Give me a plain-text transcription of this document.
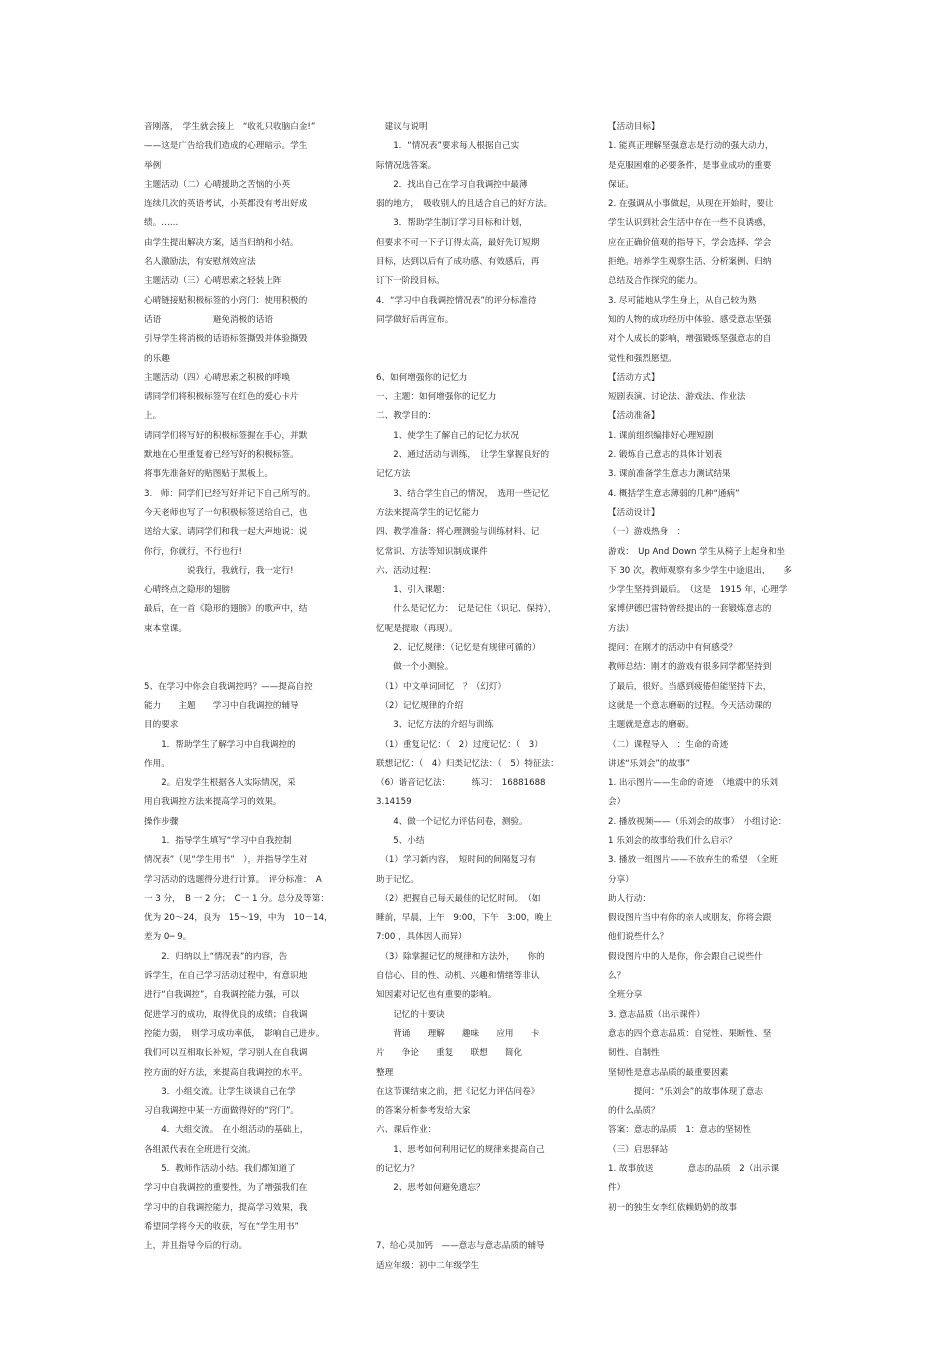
音刚落，　学生就会接上　“收礼只收脑白金!”
——这是广告给我们造成的心理暗示。学生
举例
主题活动（二）心晴援助之苦恼的小英
连续几次的英语考试，小英都没有考出好成
绩。……
由学生提出解决方案，适当归纳和小结。
名人激励法，有安慰剂效应法
主题活动（三）心晴思索之轻装上阵
心晴链接贴积极标签的小窍门：使用积极的
话语　　　　　　避免消极的话语
引导学生将消极的话语标签撕毁并体验撕毁
的乐趣
主题活动（四）心晴思索之积极的呼唤
请同学们将积极标签写在红色的爱心卡片
上。
请同学们将写好的积极标签握在手心，并默
默地在心里重复着已经写好的积极标签。
将事先准备好的贴图贴于黑板上。
3.　师：同学们已经写好并记下自己所写的。
今天老师也写了一句积极标签送给自己，也
送给大家。请同学们和我一起大声地说：说
你行，你就行，不行也行!
　　　　　说我行，我就行，我一定行!
心晴终点之隐形的翅膀
最后，在一首《隐形的翅膀》的歌声中，结
束本堂课。
5、在学习中你会自我调控吗？——提高自控
能力　　主题　　学习中自我调控的辅导
目的要求
　　1．帮助学生了解学习中自我调控的
作用。
　　2。启发学生根据各人实际情况，采
用自我调控方法来提高学习的效果。
操作步骤
　　1．指导学生填写“学习中自我控制
情况表”（见“学生用书”　），并指导学生对
学习活动的选题得分进行计算。　评分标准：　A
一 3 分，　B 一 2 分；　C一 1 分。总分及等第：
优为 20～24，良为　15～19，中为　10－14，
差为 0─ 9。
　　2．归纳以上“情况表”的内容，告
诉学生，在自己学习活动过程中，有意识地
进行“自我调控”，自我调控能力强，可以
促进学习的成功，取得优良的成绩；自我调
控能力弱，　则学习成功率低，　影响自己进步。
我们可以互相取长补短，学习别人在自我调
控方面的好方法，来提高自我调控的水平。
　　3．小组交流。让学生谈谈自己在学
习自我调控中某一方面做得好的“窍门”。
　　4．大组交流。　在小组活动的基础上，
各组派代表在全班进行交流。
　　5．教师作活动小结。我们都知道了
学习中自我调控的重要性，为了增强我们在
学习中的自我调控能力，提高学习效果，我
希望同学将今天的收获，写在“学生用书”
上，并且指导今后的行动。
　建议与说明
　　1．“情况表”要求每人根据自己实
际情况选答案。
　　2．找出自己在学习自我调控中最薄
弱的地方，　吸收别人的且适合自己的好方法。
　　3．帮助学生制订学习目标和计划，
但要求不可一下子订得太高，最好先订短期
目标，达到以后有了成功感、有效感后，再
订下一阶段目标。
4．“学习中自我调控情况表”的评分标准待
同学做好后再宣布。
6、如何增强你的记忆力
一、主题：如何增强你的记忆力
二、教学目的：
　　1、使学生了解自己的记忆力状况
　　2、通过活动与训练，　让学生掌握良好的
记忆方法
　　3、结合学生自己的情况，　选用一些记忆
方法来提高学生的记忆能力
四、教学准备：将心理测验与训练材料、记
忆常识、方法等知识制成课件
六、活动过程：
　　1、引入课题：
　　什么是记忆力：　记是记住（识记、保持），
忆呢是提取（再现）。
　　2、记忆规律：（记忆是有规律可循的）
　　做一个小测验。
　（1）中文单词回忆　？（幻灯）
　（2）记忆规律的介绍
　　3、记忆方法的介绍与训练
　（1）重复记忆：（　2）过度记忆：（　3）
联想记忆：（　4）归类记忆法：（　5）特征法：
（6）谐音记忆法：　　　练习：　16881688
3.14159
　　4、做一个记忆力评估问卷，测验。
　　5、小结
　（1）学习新内容，　短时间的间隔复习有
助于记忆。
　（2）把握自己每天最佳的记忆时间。　（如
睡前，早晨，上午　9:00，下午　3:00，晚上
7:00 ，具体因人而异）
　（3）除掌握记忆的规律和方法外，　　你的
自信心、目的性、动机、兴趣和情绪等非认
知因素对记忆也有重要的影响。
　　记忆的十要诀
　　背诵　　理解　　趣味　　应用　　卡
片　　争论　　重复　　联想　　简化
整理
在这节课结束之前，把《记忆力评估问卷》
的答案分析参考发给大家
六、课后作业：
　　1、思考如何利用记忆的规律来提高自己
的记忆力？
　　2、思考如何避免遗忘？
7、给心灵加钙　——意志与意志品质的辅导
适应年级：初中二年级学生
【活动目标】
1. 能真正理解坚强意志是行动的强大动力，
是克服困难的必要条件，是事业成功的重要
保证。
2. 在强调从小事做起，从现在开始时，要让
学生认识到社会生活中存在一些不良诱惑，
应在正确价值观的指导下，学会选择、学会
拒绝。培养学生观察生活、分析案例、归纳
总结及合作探究的能力。
3. 尽可能地从学生身上，从自己较为熟
知的人物的成功经历中体验、感受意志坚强
对个人成长的影响，增强锻炼坚强意志的自
觉性和强烈愿望。
【活动方式】
短剧表演、讨论法、游戏法、作业法
【活动准备】
1. 课前组织编排好心理短剧
2. 锻炼自己意志的具体计划表
3. 课前准备学生意志力测试结果
4. 概括学生意志薄弱的几种“通病”
【活动设计】
（一）游戏热身　：
游戏：　Up And Down 学生从椅子上起身和坐
下 30 次，教师观察有多少学生中途退出，　　多
少学生坚持到最后。　（这是　1915 年，心理学
家博伊德巴雷特曾经提出的一套锻炼意志的
方法）
提问：在刚才的活动中有何感受？
教师总结：刚才的游戏有很多同学都坚持到
了最后，很好。当感到疲倦但能坚持下去，
这就是一个意志磨砺的过程。今天活动课的
主题就是意志的磨砺。
（二）课程导入　：生命的奇迹
讲述“乐刘会”的故事”
1. 出示图片——生命的奇迹　（地震中的乐刘
会）
2. 播放视频——（乐刘会的故事）　小组讨论：
1 乐刘会的故事给我们什么启示？
3. 播放一组图片——不放弃生的希望　（全班
分享）
助人行动：
假设图片当中有你的亲人或朋友，你将会跟
他们说些什么？
假设图片中的人是你，你会跟自己说些什
么？
全班分享
3. 意志品质（出示课件）
意志的四个意志品质：自觉性、果断性、坚
韧性、自制性
坚韧性是意志品质的最重要因素
　　　提问：“乐刘会”的故事体现了意志
的什么品质？
答案：意志的品质　1：意志的坚韧性
（三）启思驿站
1. 故事放送　　　　意志的品质　2（出示课
件）
初一的独生女李红依赖奶奶的故事
